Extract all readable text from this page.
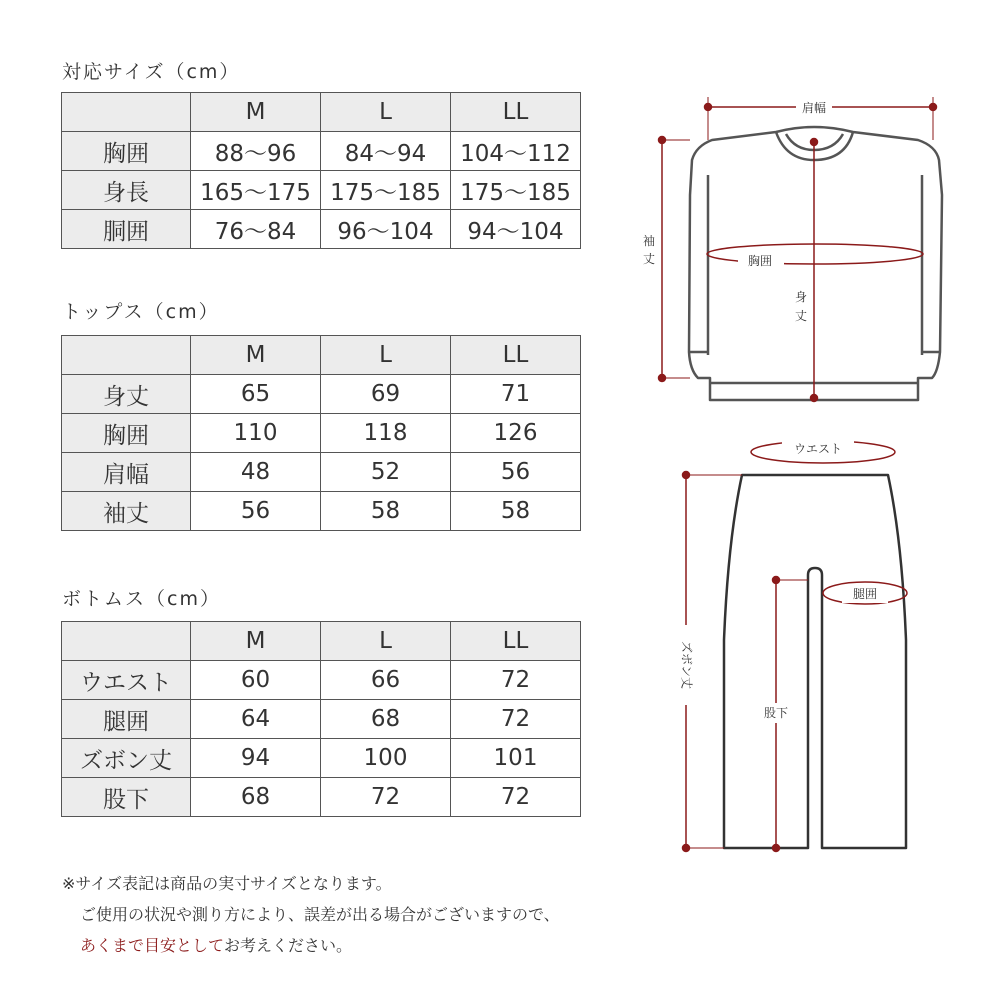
対応サイズ（cm）
	M	L	LL
胸囲	88〜96	84〜94	104〜112
身長	165〜175	175〜185	175〜185
胴囲	76〜84	96〜104	94〜104
トップス（cm）
	M	L	LL
身丈	65	69	71
胸囲	110	118	126
肩幅	48	52	56
袖丈	56	58	58
ボトムス（cm）
	M	L	LL
ウエスト	60	66	72
腿囲	64	68	72
ズボン丈	94	100	101
股下	68	72	72
※サイズ表記は商品の実寸サイズとなります。
ご使用の状況や測り方により、誤差が出る場合がございますので、
あくまで目安としてお考えください。
肩幅
袖
丈	胸囲
身
丈
ウエスト
腿囲
ズボン丈
股下
